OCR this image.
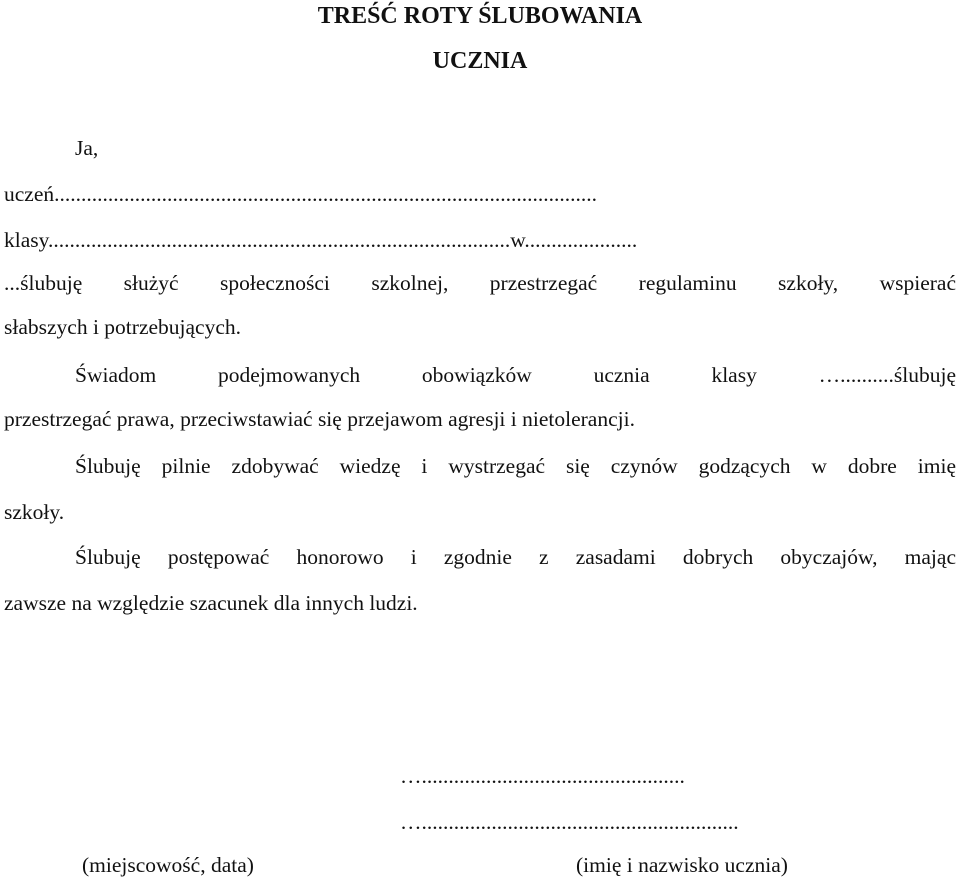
TREŚĆ ROTY ŚLUBOWANIA
UCZNIA
Ja,
uczeń.....................................................................................................
klasy......................................................................................w.....................
...ślubuję służyć społeczności szkolnej, przestrzegać regulaminu szkoły, wspierać
słabszych i potrzebujących.
Świadom podejmowanych obowiązków ucznia klasy …..........ślubuję
przestrzegać prawa, przeciwstawiać się przejawom agresji i nietolerancji.
Ślubuję pilnie zdobywać wiedzę i wystrzegać się czynów godzących w dobre imię
szkoły.
Ślubuję postępować honorowo i zgodnie z zasadami dobrych obyczajów, mając
zawsze na względzie szacunek dla innych ludzi.
….................................................
…...........................................................
(miejscowość, data)	(imię i nazwisko ucznia)
